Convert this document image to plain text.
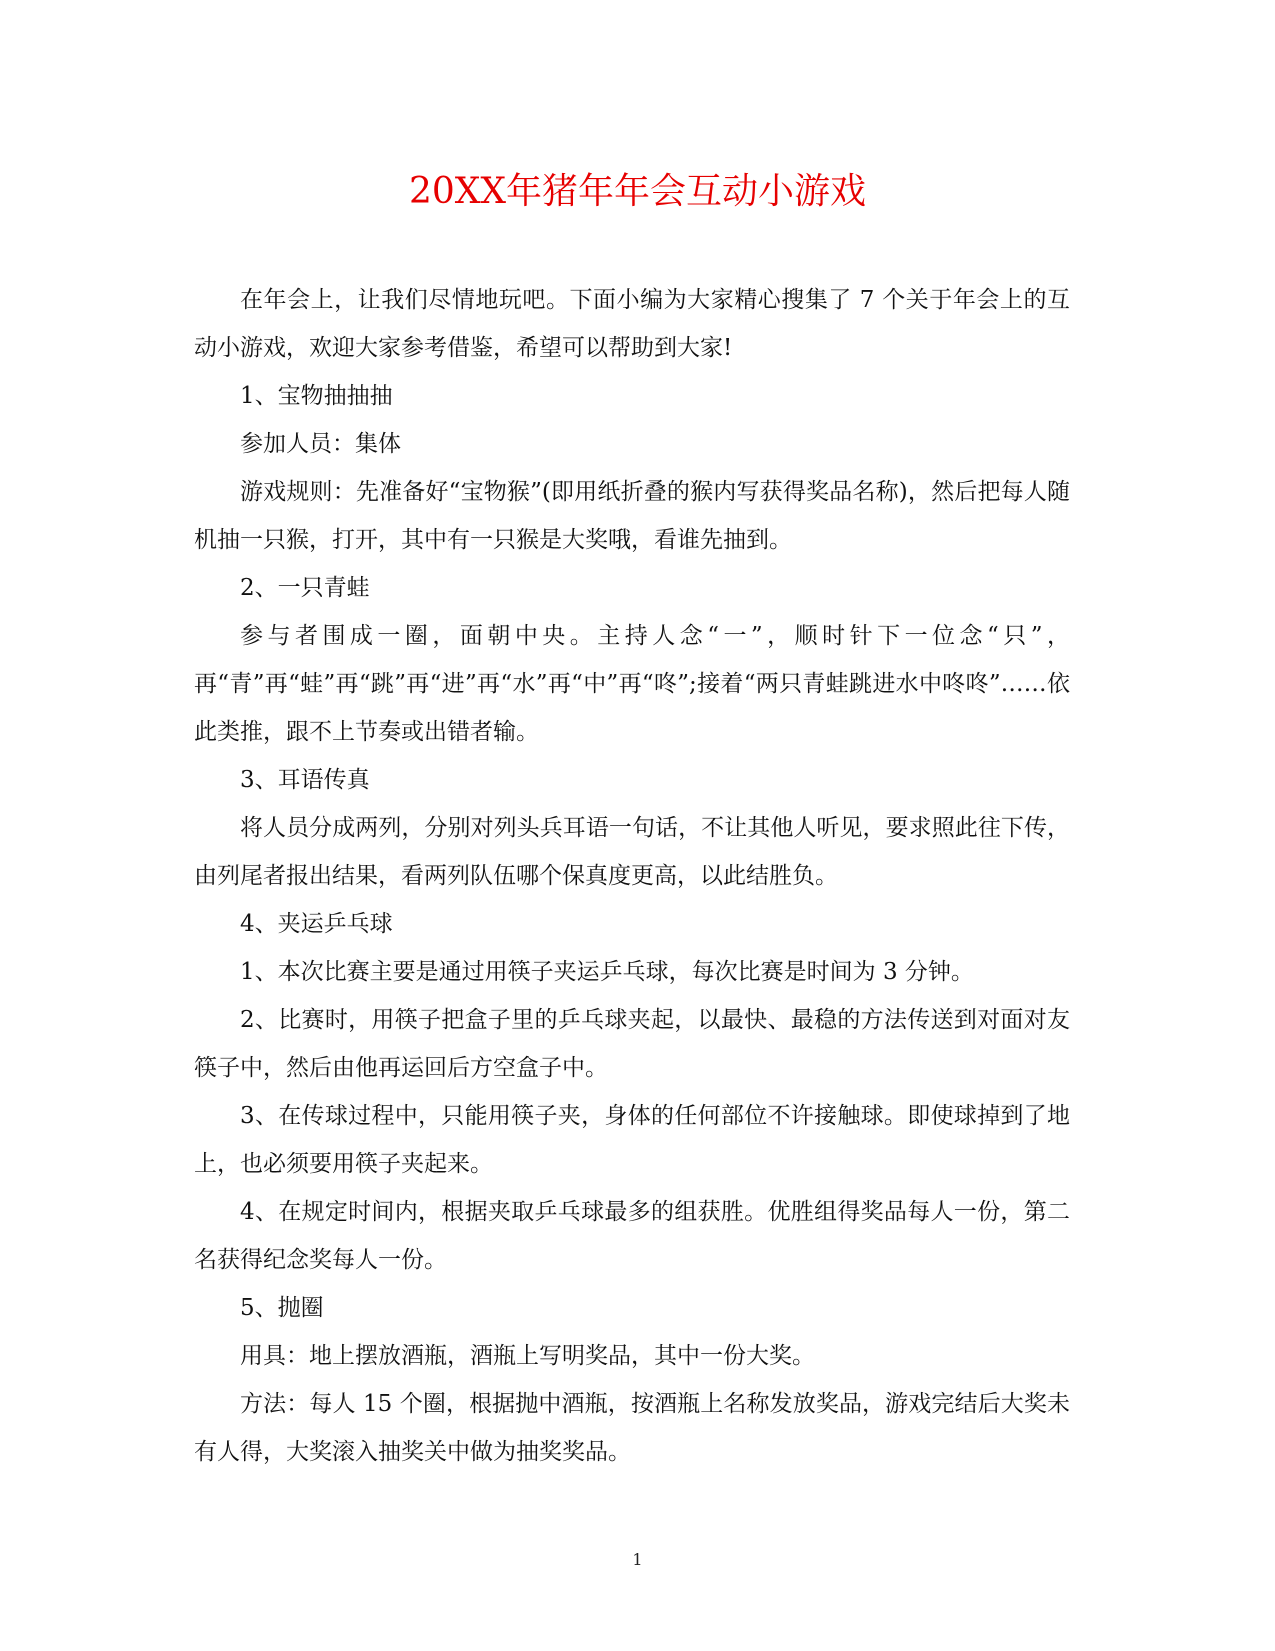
20XX年猪年年会互动小游戏

在年会上，让我们尽情地玩吧。下面小编为大家精心搜集了 7 个关于年会上的互动小游戏，欢迎大家参考借鉴，希望可以帮助到大家!

1、宝物抽抽抽

参加人员：集体

游戏规则：先准备好“宝物猴”(即用纸折叠的猴内写获得奖品名称)，然后把每人随机抽一只猴，打开，其中有一只猴是大奖哦，看谁先抽到。

2、一只青蛙

参与者围成一圈，面朝中央。主持人念“一”，顺时针下一位念“只”，再“青”再“蛙”再“跳”再“进”再“水”再“中”再“咚”;接着“两只青蛙跳进水中咚咚”……依此类推，跟不上节奏或出错者输。

3、耳语传真

将人员分成两列，分别对列头兵耳语一句话，不让其他人听见，要求照此往下传，由列尾者报出结果，看两列队伍哪个保真度更高，以此结胜负。

4、夹运乒乓球

1、本次比赛主要是通过用筷子夹运乒乓球，每次比赛是时间为 3 分钟。

2、比赛时，用筷子把盒子里的乒乓球夹起，以最快、最稳的方法传送到对面对友筷子中，然后由他再运回后方空盒子中。

3、在传球过程中，只能用筷子夹，身体的任何部位不许接触球。即使球掉到了地上，也必须要用筷子夹起来。

4、在规定时间内，根据夹取乒乓球最多的组获胜。优胜组得奖品每人一份，第二名获得纪念奖每人一份。

5、抛圈

用具：地上摆放酒瓶，酒瓶上写明奖品，其中一份大奖。

方法：每人 15 个圈，根据抛中酒瓶，按酒瓶上名称发放奖品，游戏完结后大奖未有人得，大奖滚入抽奖关中做为抽奖奖品。

1
